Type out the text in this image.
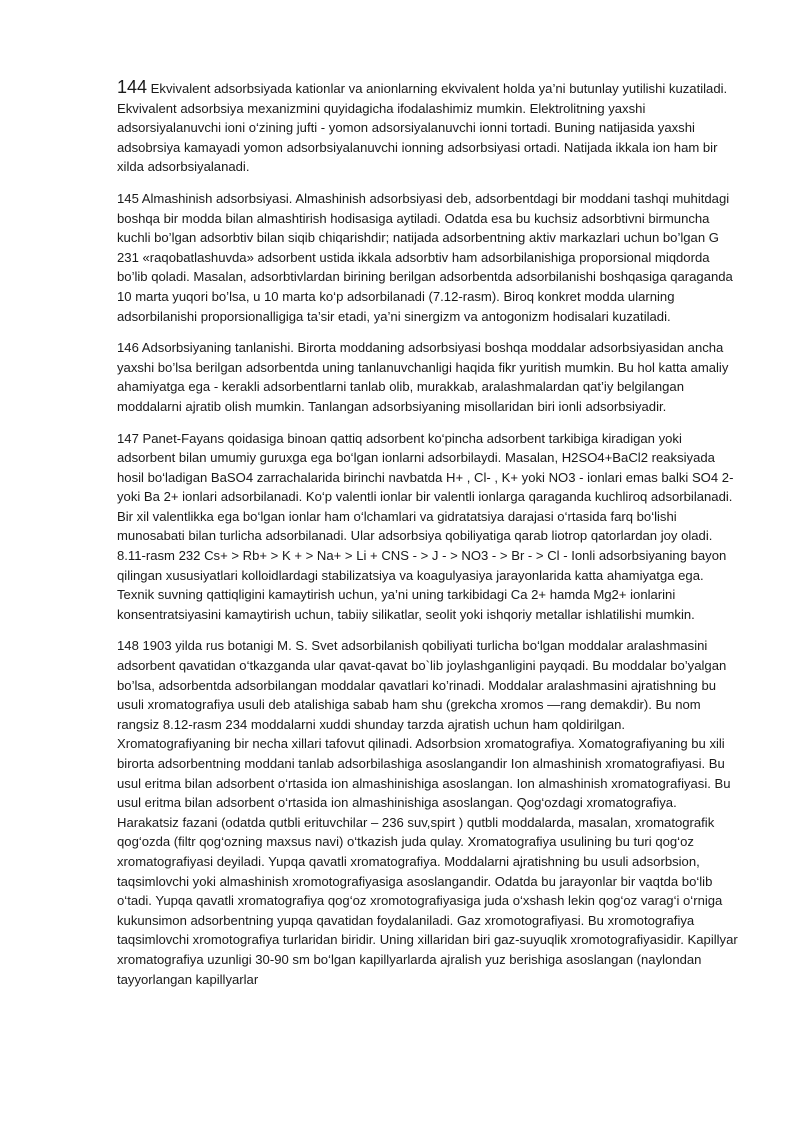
144 Ekvivalent adsorbsiyada kationlar va anionlarning ekvivalent holda ya’ni butunlay yutilishi kuzatiladi. Ekvivalent adsorbsiya mexanizmini quyidagicha ifodalashimiz mumkin. Elektrolitning yaxshi adsorsiyalanuvchi ioni o‘zining jufti - yomon adsorsiyalanuvchi ionni tortadi. Buning natijasida yaxshi adsobrsiya kamayadi yomon adsorbsiyalanuvchi ionning adsorbsiyasi ortadi. Natijada ikkala ion ham bir xilda adsorbsiyalanadi.

145 Almashinish adsorbsiyasi. Almashinish adsorbsiyasi deb, adsorbentdagi bir moddani tashqi muhitdagi boshqa bir modda bilan almashtirish hodisasiga aytiladi. Odatda esa bu kuchsiz adsorbtivni birmuncha kuchli bo’lgan adsorbtiv bilan siqib chiqarishdir; natijada adsorbentning aktiv markazlari uchun bo’lgan G 231 «raqobatlashuvda» adsorbent ustida ikkala adsorbtiv ham adsorbilanishiga proporsional miqdorda bo’lib qoladi. Masalan, adsorbtivlardan birining berilgan adsorbentda adsorbilanishi boshqasiga qaraganda 10 marta yuqori bo’lsa, u 10 marta ko‘p adsorbilanadi (7.12-rasm). Biroq konkret modda ularning adsorbilanishi proporsionalligiga ta’sir etadi, ya’ni sinergizm va antogonizm hodisalari kuzatiladi.

146 Adsorbsiyaning tanlanishi. Birorta moddaning adsorbsiyasi boshqa moddalar adsorbsiyasidan ancha yaxshi bo’lsa berilgan adsorbentda uning tanlanuvchanligi haqida fikr yuritish mumkin. Bu hol katta amaliy ahamiyatga ega - kerakli adsorbentlarni tanlab olib, murakkab, aralashmalardan qat’iy belgilangan moddalarni ajratib olish mumkin. Tanlangan adsorbsiyaning misollaridan biri ionli adsorbsiyadir.

147 Panet-Fayans qoidasiga binoan qattiq adsorbent ko‘pincha adsorbent tarkibiga kiradigan yoki adsorbent bilan umumiy guruxga ega bo‘lgan ionlarni adsorbilaydi. Masalan, H2SO4+BaCl2 reaksiyada hosil bo‘ladigan BaSO4 zarrachalarida birinchi navbatda H+ , Cl- , K+ yoki NO3 - ionlari emas balki SO4 2- yoki Ba 2+ ionlari adsorbilanadi. Ko‘p valentli ionlar bir valentli ionlarga qaraganda kuchliroq adsorbilanadi. Bir xil valentlikka ega bo‘lgan ionlar ham o‘lchamlari va gidratatsiya darajasi o‘rtasida farq bo‘lishi munosabati bilan turlicha adsorbilanadi. Ular adsorbsiya qobiliyatiga qarab liotrop qatorlardan joy oladi. 8.11-rasm 232 Cs+ > Rb+ > K + > Na+ > Li + CNS - > J - > NO3 - > Br - > Cl - Ionli adsorbsiyaning bayon qilingan xususiyatlari kolloidlardagi stabilizatsiya va koagulyasiya jarayonlarida katta ahamiyatga ega. Texnik suvning qattiqligini kamaytirish uchun, ya’ni uning tarkibidagi Ca 2+ hamda Mg2+ ionlarini konsentratsiyasini kamaytirish uchun, tabiiy silikatlar, seolit yoki ishqoriy metallar ishlatilishi mumkin.

148 1903 yilda rus botanigi M. S. Svet adsorbilanish qobiliyati turlicha bo‘lgan moddalar aralashmasini adsorbent qavatidan o‘tkazganda ular qavat-qavat bo`lib joylashganligini payqadi. Bu moddalar bo’yalgan bo’lsa, adsorbentda adsorbilangan moddalar qavatlari ko’rinadi. Moddalar aralashmasini ajratishning bu usuli xromatografiya usuli deb atalishiga sabab ham shu (grekcha xromos —rang demakdir). Bu nom rangsiz 8.12-rasm 234 moddalarni xuddi shunday tarzda ajratish uchun ham qoldirilgan. Xromatografiyaning bir necha xillari tafovut qilinadi. Adsorbsion xromatografiya. Xomatografiyaning bu xili birorta adsorbentning moddani tanlab adsorbilashiga asoslangandir Ion almashinish xromatografiyasi. Bu usul eritma bilan adsorbent o‘rtasida ion almashinishiga asoslangan. Ion almashinish xromatografiyasi. Bu usul eritma bilan adsorbent o‘rtasida ion almashinishiga asoslangan. Qog‘ozdagi xromatografiya. Harakatsiz fazani (odatda qutbli erituvchilar – 236 suv,spirt ) qutbli moddalarda, masalan, xromatografik qog‘ozda (filtr qog‘ozning maxsus navi) o‘tkazish juda qulay. Xromatografiya usulining bu turi qog‘oz xromatografiyasi deyiladi. Yupqa qavatli xromatografiya. Moddalarni ajratishning bu usuli adsorbsion, taqsimlovchi yoki almashinish xromotografiyasiga asoslangandir. Odatda bu jarayonlar bir vaqtda bo‘lib o‘tadi. Yupqa qavatli xromatografiya qog‘oz xromotografiyasiga juda o‘xshash lekin qog‘oz varag‘i o‘rniga kukunsimon adsorbentning yupqa qavatidan foydalaniladi. Gaz xromotografiyasi. Bu xromotografiya taqsimlovchi xromotografiya turlaridan biridir. Uning xillaridan biri gaz-suyuqlik xromotografiyasidir. Kapillyar xromatografiya uzunligi 30-90 sm bo‘lgan kapillyarlarda ajralish yuz berishiga asoslangan (naylondan tayyorlangan kapillyarlar
